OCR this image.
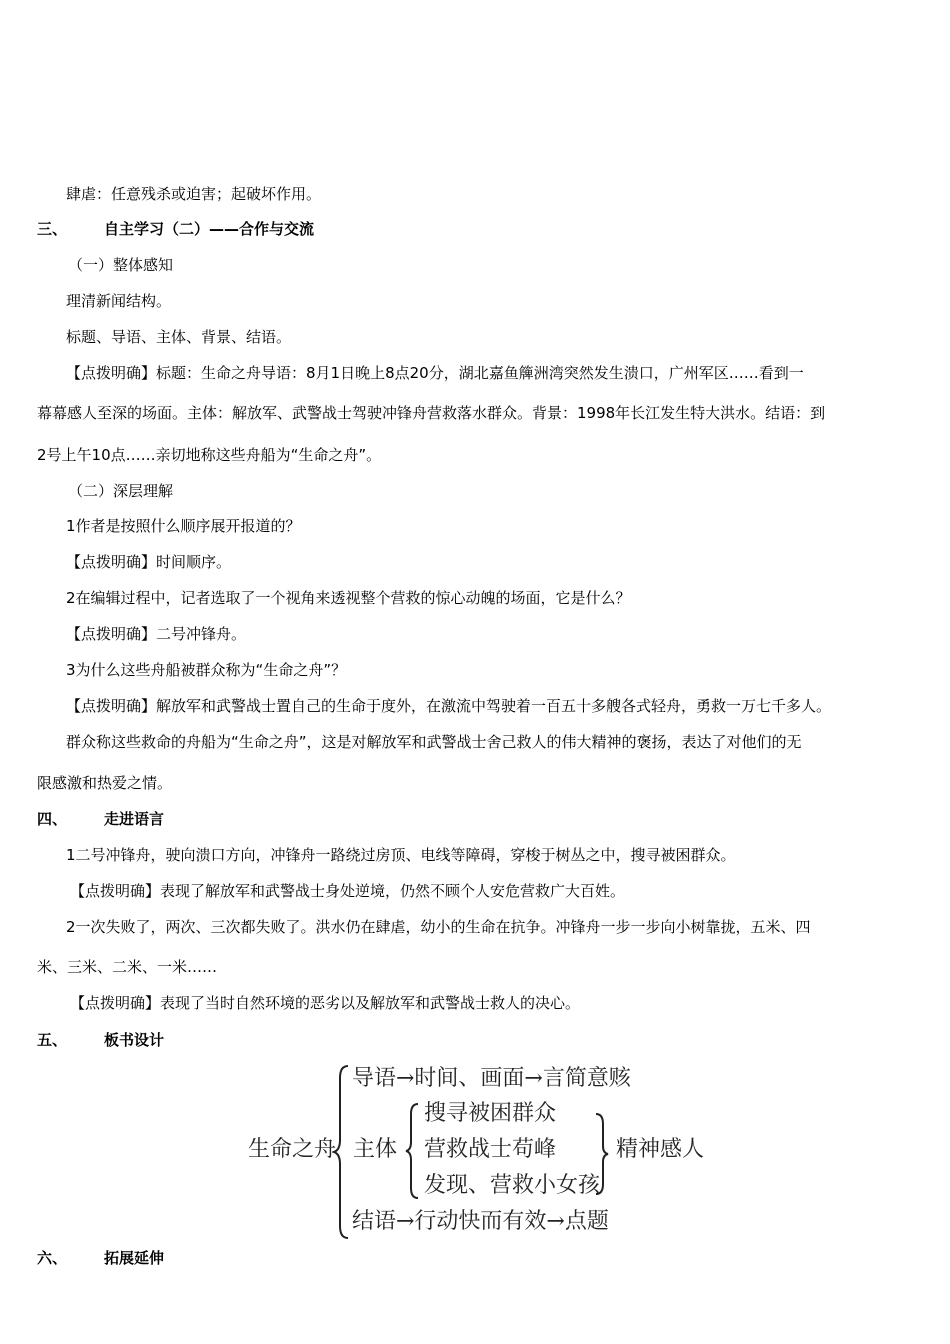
肆虐：任意残杀或迫害；起破坏作用。
三、 自主学习（二）——合作与交流
（一）整体感知
理清新闻结构。
标题、导语、主体、背景、结语。
【点拨明确】标题：生命之舟导语：8月1日晚上8点20分，湖北嘉鱼簰洲湾突然发生溃口，广州军区……看到一
幕幕感人至深的场面。主体：解放军、武警战士驾驶冲锋舟营救落水群众。背景：1998年长江发生特大洪水。结语：到
2号上午10点……亲切地称这些舟船为“生命之舟”。
（二）深层理解
1作者是按照什么顺序展开报道的？
【点拨明确】时间顺序。
2在编辑过程中，记者选取了一个视角来透视整个营救的惊心动魄的场面，它是什么？
【点拨明确】二号冲锋舟。
3为什么这些舟船被群众称为“生命之舟”？
【点拨明确】解放军和武警战士置自己的生命于度外，在激流中驾驶着一百五十多艘各式轻舟，勇救一万七千多人。
群众称这些救命的舟船为“生命之舟”，这是对解放军和武警战士舍己救人的伟大精神的褒扬，表达了对他们的无
限感激和热爱之情。
四、 走进语言
1二号冲锋舟，驶向溃口方向，冲锋舟一路绕过房顶、电线等障碍，穿梭于树丛之中，搜寻被困群众。
【点拨明确】表现了解放军和武警战士身处逆境，仍然不顾个人安危营救广大百姓。
2一次失败了，两次、三次都失败了。洪水仍在肆虐，幼小的生命在抗争。冲锋舟一步一步向小树靠拢，五米、四
米、三米、二米、一米……
【点拨明确】表现了当时自然环境的恶劣以及解放军和武警战士救人的决心。
五、 板书设计
生命之舟
导语→时间、画面→言简意赅
主体
搜寻被困群众
营救战士苟峰
发现、营救小女孩
精神感人
结语→行动快而有效→点题
六、 拓展延伸
